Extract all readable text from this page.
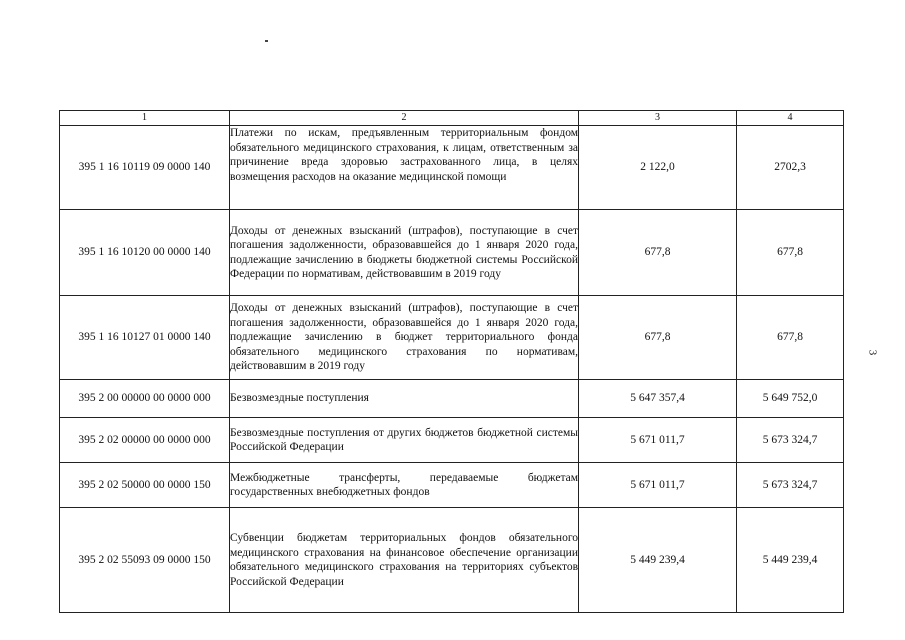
3
1	2	3	4
395 1 16 10119 09 0000 140	Платежи по искам, предъявленным территориальным фондом обязательного медицинского страхования, к лицам, ответственным за причинение вреда здоровью застрахованного лица, в целях возмещения расходов на оказание медицинской помощи	2 122,0	2702,3
395 1 16 10120 00 0000 140	Доходы от денежных взысканий (штрафов), поступающие в счет погашения задолженности, образовавшейся до 1 января 2020 года, подлежащие зачислению в бюджеты бюджетной системы Российской Федерации по нормативам, действовавшим в 2019 году	677,8	677,8
395 1 16 10127 01 0000 140	Доходы от денежных взысканий (штрафов), поступающие в счет погашения задолженности, образовавшейся до 1 января 2020 года, подлежащие зачислению в бюджет территориального фонда обязательного медицинского страхования по нормативам, действовавшим в 2019 году	677,8	677,8
395 2 00 00000 00 0000 000	Безвозмездные поступления	5 647 357,4	5 649 752,0
395 2 02 00000 00 0000 000	Безвозмездные поступления от других бюджетов бюджетной системы Российской Федерации	5 671 011,7	5 673 324,7
395 2 02 50000 00 0000 150	Межбюджетные трансферты, передаваемые бюджетам государственных внебюджетных фондов	5 671 011,7	5 673 324,7
395 2 02 55093 09 0000 150	Субвенции бюджетам территориальных фондов обязательного медицинского страхования на финансовое обеспечение организации обязательного медицинского страхования на территориях субъектов Российской Федерации	5 449 239,4	5 449 239,4
